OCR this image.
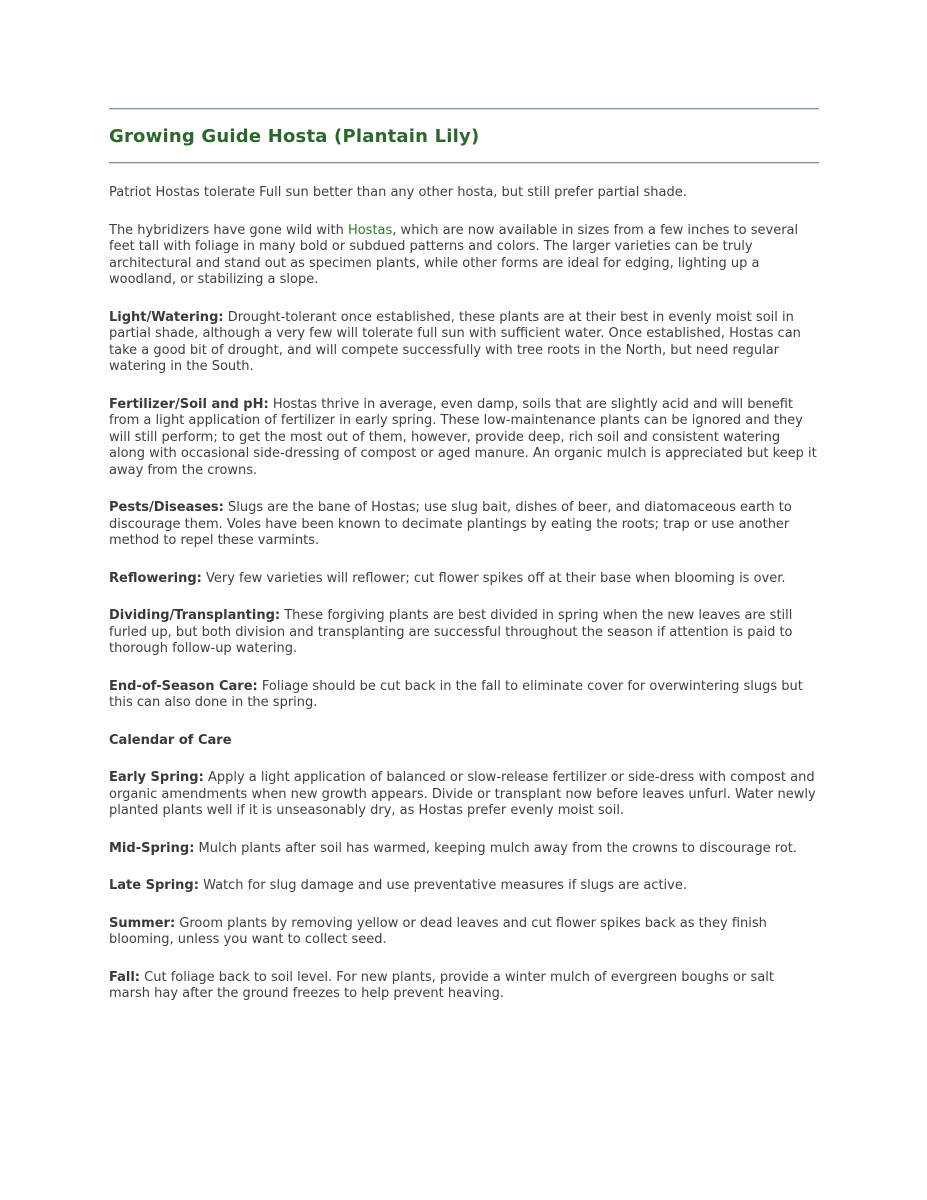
Growing Guide Hosta (Plantain Lily)

Patriot Hostas tolerate Full sun better than any other hosta, but still prefer partial shade.

The hybridizers have gone wild with Hostas, which are now available in sizes from a few inches to several feet tall with foliage in many bold or subdued patterns and colors. The larger varieties can be truly architectural and stand out as specimen plants, while other forms are ideal for edging, lighting up a woodland, or stabilizing a slope.

Light/Watering: Drought-tolerant once established, these plants are at their best in evenly moist soil in partial shade, although a very few will tolerate full sun with sufficient water. Once established, Hostas can take a good bit of drought, and will compete successfully with tree roots in the North, but need regular watering in the South.

Fertilizer/Soil and pH: Hostas thrive in average, even damp, soils that are slightly acid and will benefit from a light application of fertilizer in early spring. These low-maintenance plants can be ignored and they will still perform; to get the most out of them, however, provide deep, rich soil and consistent watering along with occasional side-dressing of compost or aged manure. An organic mulch is appreciated but keep it away from the crowns.

Pests/Diseases: Slugs are the bane of Hostas; use slug bait, dishes of beer, and diatomaceous earth to discourage them. Voles have been known to decimate plantings by eating the roots; trap or use another method to repel these varmints.

Reflowering: Very few varieties will reflower; cut flower spikes off at their base when blooming is over.

Dividing/Transplanting: These forgiving plants are best divided in spring when the new leaves are still furled up, but both division and transplanting are successful throughout the season if attention is paid to thorough follow-up watering.

End-of-Season Care: Foliage should be cut back in the fall to eliminate cover for overwintering slugs but this can also done in the spring.

Calendar of Care

Early Spring: Apply a light application of balanced or slow-release fertilizer or side-dress with compost and organic amendments when new growth appears. Divide or transplant now before leaves unfurl. Water newly planted plants well if it is unseasonably dry, as Hostas prefer evenly moist soil.

Mid-Spring: Mulch plants after soil has warmed, keeping mulch away from the crowns to discourage rot.

Late Spring: Watch for slug damage and use preventative measures if slugs are active.

Summer: Groom plants by removing yellow or dead leaves and cut flower spikes back as they finish blooming, unless you want to collect seed.

Fall: Cut foliage back to soil level. For new plants, provide a winter mulch of evergreen boughs or salt marsh hay after the ground freezes to help prevent heaving.
